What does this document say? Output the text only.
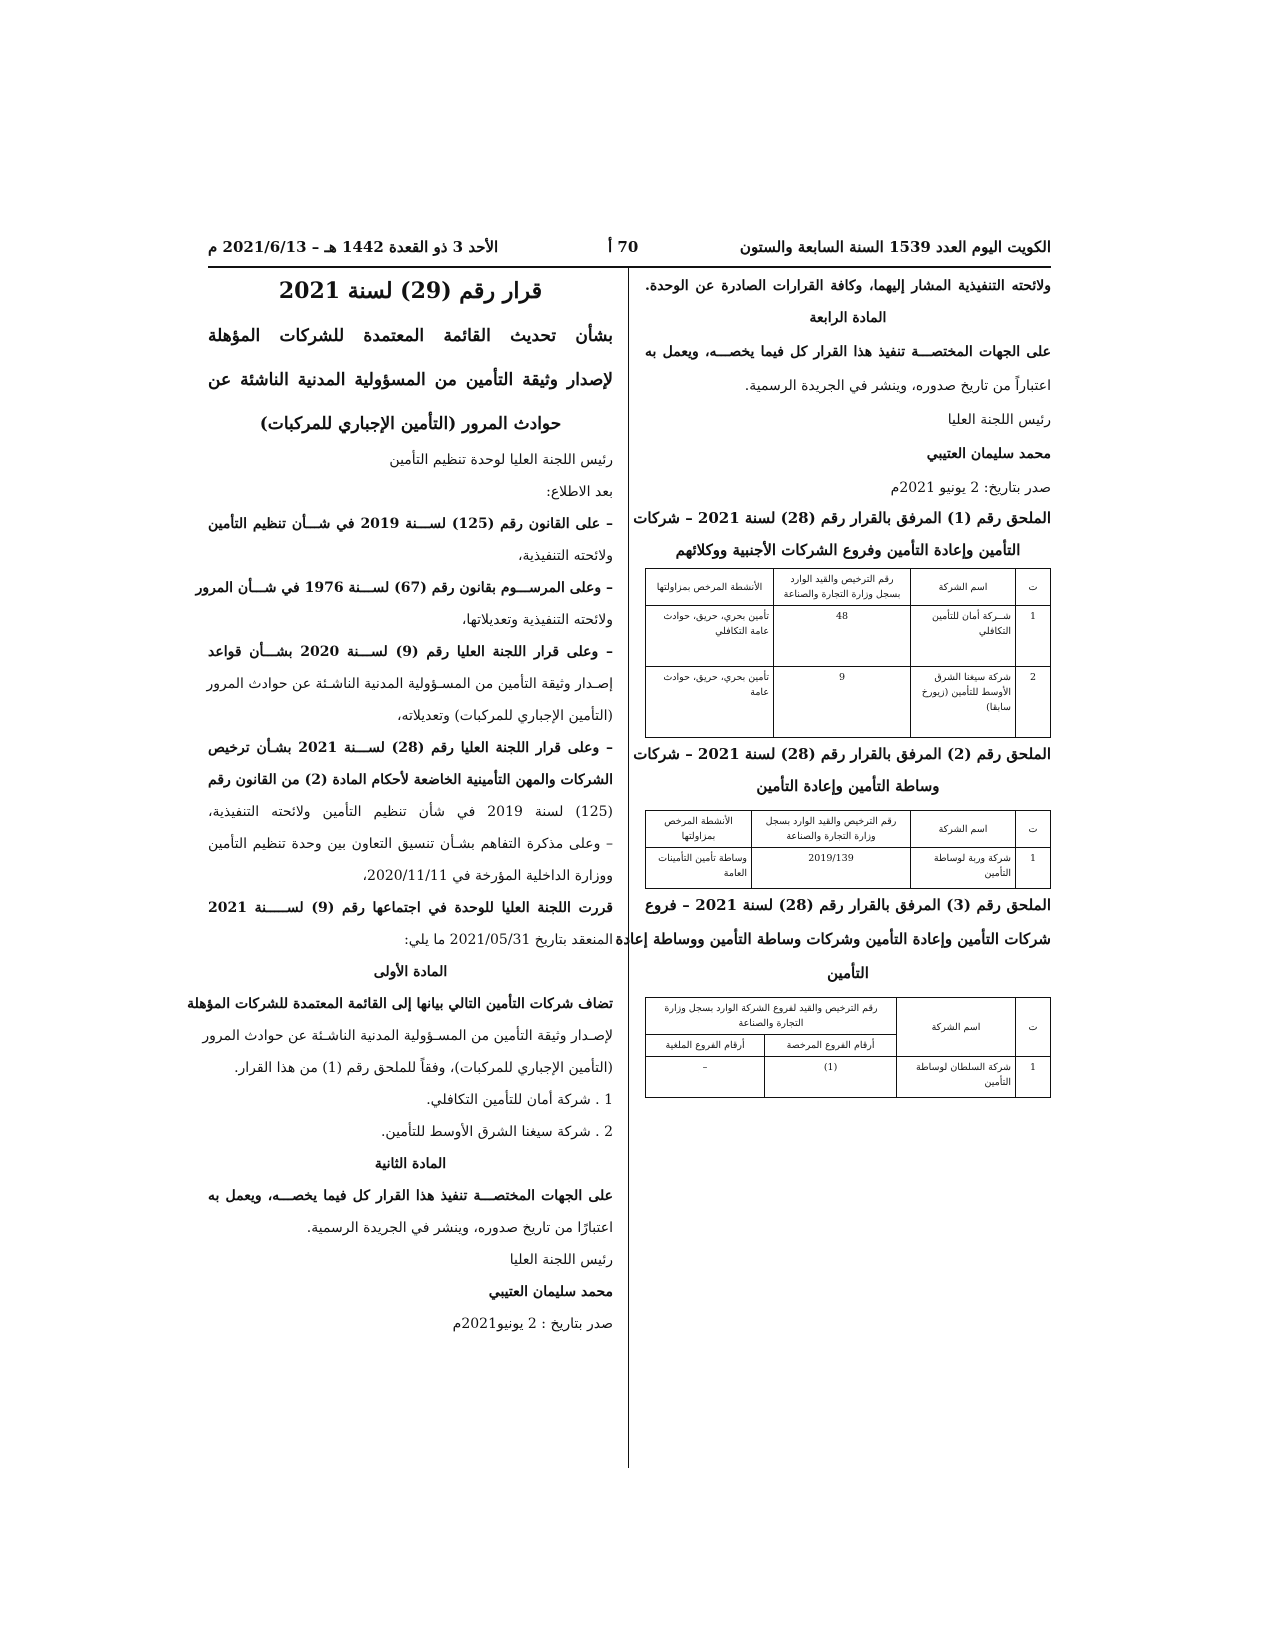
الكويت اليوم العدد 1539 السنة السابعة والستون
70 أ
الأحد 3 ذو القعدة 1442 هـ – 2021/6/13 م

ولائحته التنفيذية المشار إليهما، وكافة القرارات الصادرة عن الوحدة.

المادة الرابعة

على الجهات المختصـــة تنفيذ هذا القرار كل فيما يخصـــه، ويعمل به

اعتباراً من تاريخ صدوره، وينشر في الجريدة الرسمية.

رئيس اللجنة العليا

محمد سليمان العتيبي

صدر بتاريخ: 2 يونيو 2021م

الملحق رقم (1) المرفق بالقرار رقم (28) لسنة 2021 – شركات

التأمين وإعادة التأمين وفروع الشركات الأجنبية ووكلائهم

ت	اسم الشركة	رقم الترخيص والقيد الوارد بسجل وزارة التجارة والصناعة	الأنشطة المرخص بمزاولتها
1	شــركة أمان للتأمين التكافلي	48	تأمين بحري، حريق، حوادث عامة التكافلي
2	شركة سيغنا الشرق الأوسط للتأمين (زيورخ سابقا)	9	تأمين بحري، حريق، حوادث عامة

الملحق رقم (2) المرفق بالقرار رقم (28) لسنة 2021 – شركات

وساطة التأمين وإعادة التأمين

ت	اسم الشركة	رقم الترخيص والقيد الوارد بسجل وزارة التجارة والصناعة	الأنشطة المرخص بمزاولتها
1	شركة وربة لوساطة التأمين	2019/139	وساطة تأمين التأمينات العامة

الملحق رقم (3) المرفق بالقرار رقم (28) لسنة 2021 – فروع

شركات التأمين وإعادة التأمين وشركات وساطة التأمين ووساطة إعادة

التأمين

ت	اسم الشركة	رقم الترخيص والقيد لفروع الشركة الوارد بسجل وزارة التجارة والصناعة	
		أرقام الفروع المرخصة	أرقام الفروع الملغية
1	شركة السلطان لوساطة التأمين	(1)	–

قرار رقم (29) لسنة 2021

بشأن تحديث القائمة المعتمدة للشركات المؤهلة

لإصدار وثيقة التأمين من المسؤولية المدنية الناشئة عن

حوادث المرور (التأمين الإجباري للمركبات)

رئيس اللجنة العليا لوحدة تنظيم التأمين

بعد الاطلاع:

– على القانون رقم (125) لســـنة 2019 في شـــأن تنظيم التأمين

ولائحته التنفيذية،

– وعلى المرســـوم بقانون رقم (67) لســـنة 1976 في شـــأن المرور

ولائحته التنفيذية وتعديلاتها،

– وعلى قرار اللجنة العليا رقم (9) لســـنة 2020 بشـــأن قواعد

إصـدار وثيقة التأمين من المسـؤولية المدنية الناشـئة عن حوادث المرور

(التأمين الإجباري للمركبات) وتعديلاته،

– وعلى قرار اللجنة العليا رقم (28) لســـنة 2021 بشـأن ترخيص

الشركات والمهن التأمينية الخاضعة لأحكام المادة (2) من القانون رقم

(125) لسنة 2019 في شأن تنظيم التأمين ولائحته التنفيذية،

– وعلى مذكرة التفاهم بشـأن تنسيق التعاون بين وحدة تنظيم التأمين

ووزارة الداخلية المؤرخة في 2020/11/11،

قررت اللجنة العليا للوحدة في اجتماعها رقم (9) لســـــنة 2021

المنعقد بتاريخ 2021/05/31 ما يلي:

المادة الأولى

تضاف شركات التأمين التالي بيانها إلى القائمة المعتمدة للشركات المؤهلة

لإصـدار وثيقة التأمين من المسـؤولية المدنية الناشـئة عن حوادث المرور

(التأمين الإجباري للمركبات)، وفقاً للملحق رقم (1) من هذا القرار.

1 . شركة أمان للتأمين التكافلي.

2 . شركة سيغنا الشرق الأوسط للتأمين.

المادة الثانية

على الجهات المختصـــة تنفيذ هذا القرار كل فيما يخصـــه، ويعمل به

اعتبارًا من تاريخ صدوره، وينشر في الجريدة الرسمية.

رئيس اللجنة العليا

محمد سليمان العتيبي

صدر بتاريخ : 2 يونيو2021م
